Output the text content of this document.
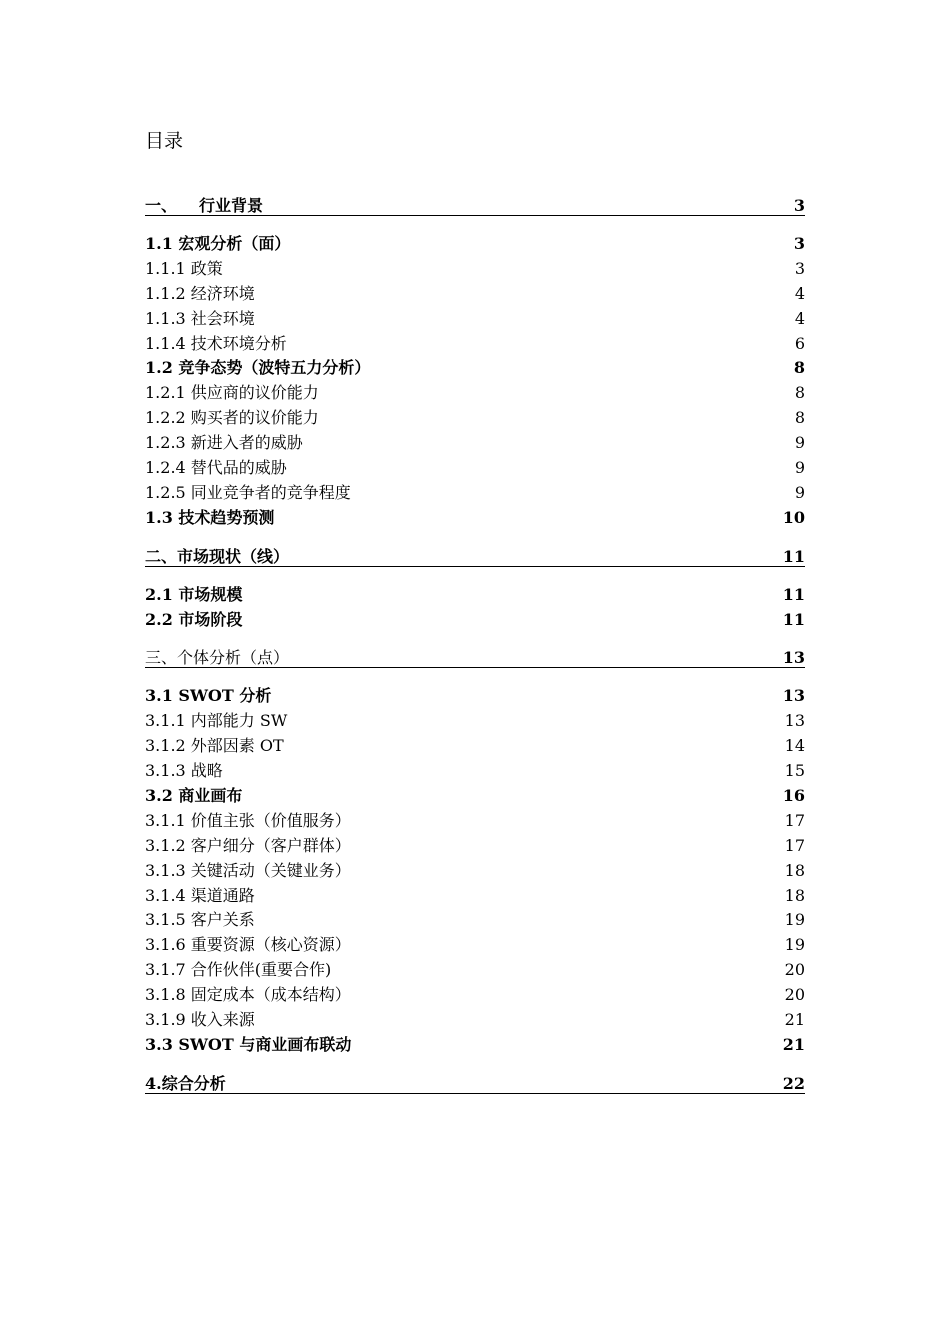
目录
一、 行业背景	3
1.1 宏观分析（面）	3
1.1.1 政策	3
1.1.2 经济环境	4
1.1.3 社会环境	4
1.1.4 技术环境分析	6
1.2 竞争态势（波特五力分析）	8
1.2.1 供应商的议价能力	8
1.2.2 购买者的议价能力	8
1.2.3 新进入者的威胁	9
1.2.4 替代品的威胁	9
1.2.5 同业竞争者的竞争程度	9
1.3 技术趋势预测	10
二、市场现状（线）	11
2.1 市场规模	11
2.2 市场阶段	11
三、个体分析（点）	13
3.1 SWOT 分析	13
3.1.1 内部能力 SW	13
3.1.2 外部因素 OT	14
3.1.3 战略	15
3.2 商业画布	16
3.1.1 价值主张（价值服务）	17
3.1.2 客户细分（客户群体）	17
3.1.3 关键活动（关键业务）	18
3.1.4 渠道通路	18
3.1.5 客户关系	19
3.1.6 重要资源（核心资源）	19
3.1.7 合作伙伴(重要合作)	20
3.1.8 固定成本（成本结构）	20
3.1.9 收入来源	21
3.3 SWOT 与商业画布联动	21
4.综合分析	22
